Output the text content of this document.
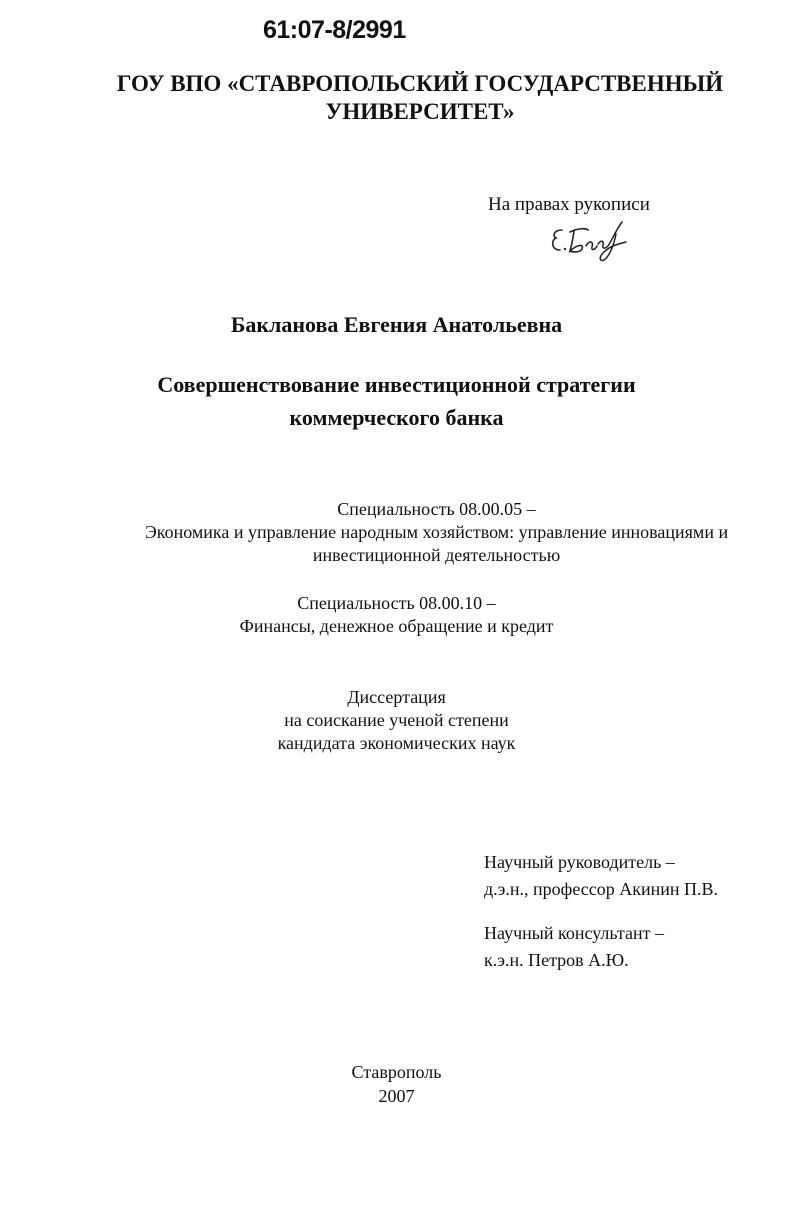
61:07-8/2991
ГОУ ВПО «СТАВРОПОЛЬСКИЙ ГОСУДАРСТВЕННЫЙ
УНИВЕРСИТЕТ»
На правах рукописи
Бакланова Евгения Анатольевна
Совершенствование инвестиционной стратегии
коммерческого банка
Специальность 08.00.05 –
Экономика и управление народным хозяйством: управление инновациями и
инвестиционной деятельностью
Специальность 08.00.10 –
Финансы, денежное обращение и кредит
Диссертация
на соискание ученой степени
кандидата экономических наук
Научный руководитель –
д.э.н., профессор Акинин П.В.
Научный консультант –
к.э.н. Петров А.Ю.
Ставрополь
2007
